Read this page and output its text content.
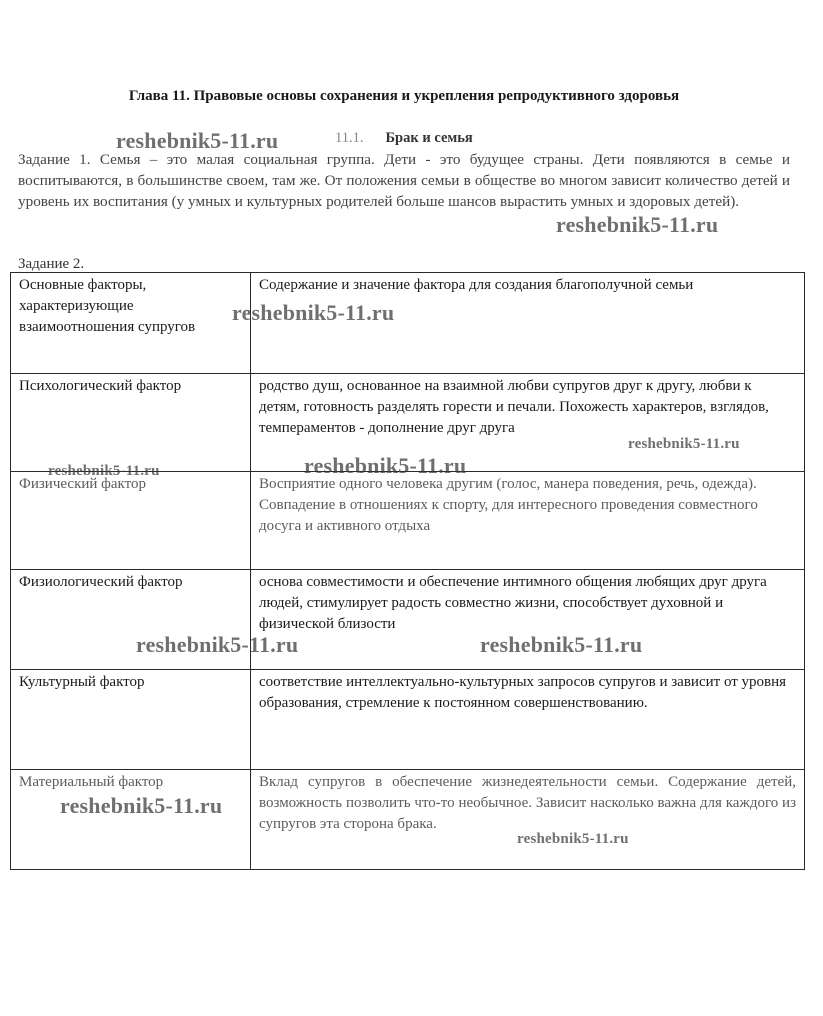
Глава 11. Правовые основы сохранения и укрепления репродуктивного здоровья
11.1. Брак и семья
Задание 1. Семья – это малая социальная группа. Дети - это будущее страны. Дети появляются в семье и воспитываются, в большинстве своем, там же. От положения семьи в обществе во многом зависит количество детей и уровень их воспитания (у умных и культурных родителей больше шансов вырастить умных и здоровых детей).
Задание 2.
Основные факторы, характеризующие взаимоотношения супругов	Содержание и значение фактора для создания благополучной семьи
Психологический фактор	родство душ, основанное на взаимной любви супругов друг к другу, любви к детям, готовность разделять горести и печали. Похожесть характеров, взглядов, темпераментов - дополнение друг друга
Физический фактор	Восприятие одного человека другим (голос, манера поведения, речь, одежда). Совпадение в отношениях к спорту, для интересного проведения совместного досуга и активного отдыха
Физиологический фактор	основа совместимости и обеспечение интимного общения любящих друг друга людей, стимулирует радость совместно жизни, способствует духовной и физической близости
Культурный фактор	соответствие интеллектуально-культурных запросов супругов и зависит от уровня образования, стремление к постоянном совершенствованию.
Материальный фактор	Вклад супругов в обеспечение жизнедеятельности семьи. Содержание детей, возможность позволить что-то необычное. Зависит насколько важна для каждого из супругов эта сторона брака.
reshebnik5-11.ru
reshebnik5-11.ru
reshebnik5-11.ru
reshebnik5-11.ru
reshebnik5-11.ru	reshebnik5-11.ru
reshebnik5-11.ru	reshebnik5-11.ru
reshebnik5-11.ru
reshebnik5-11.ru
